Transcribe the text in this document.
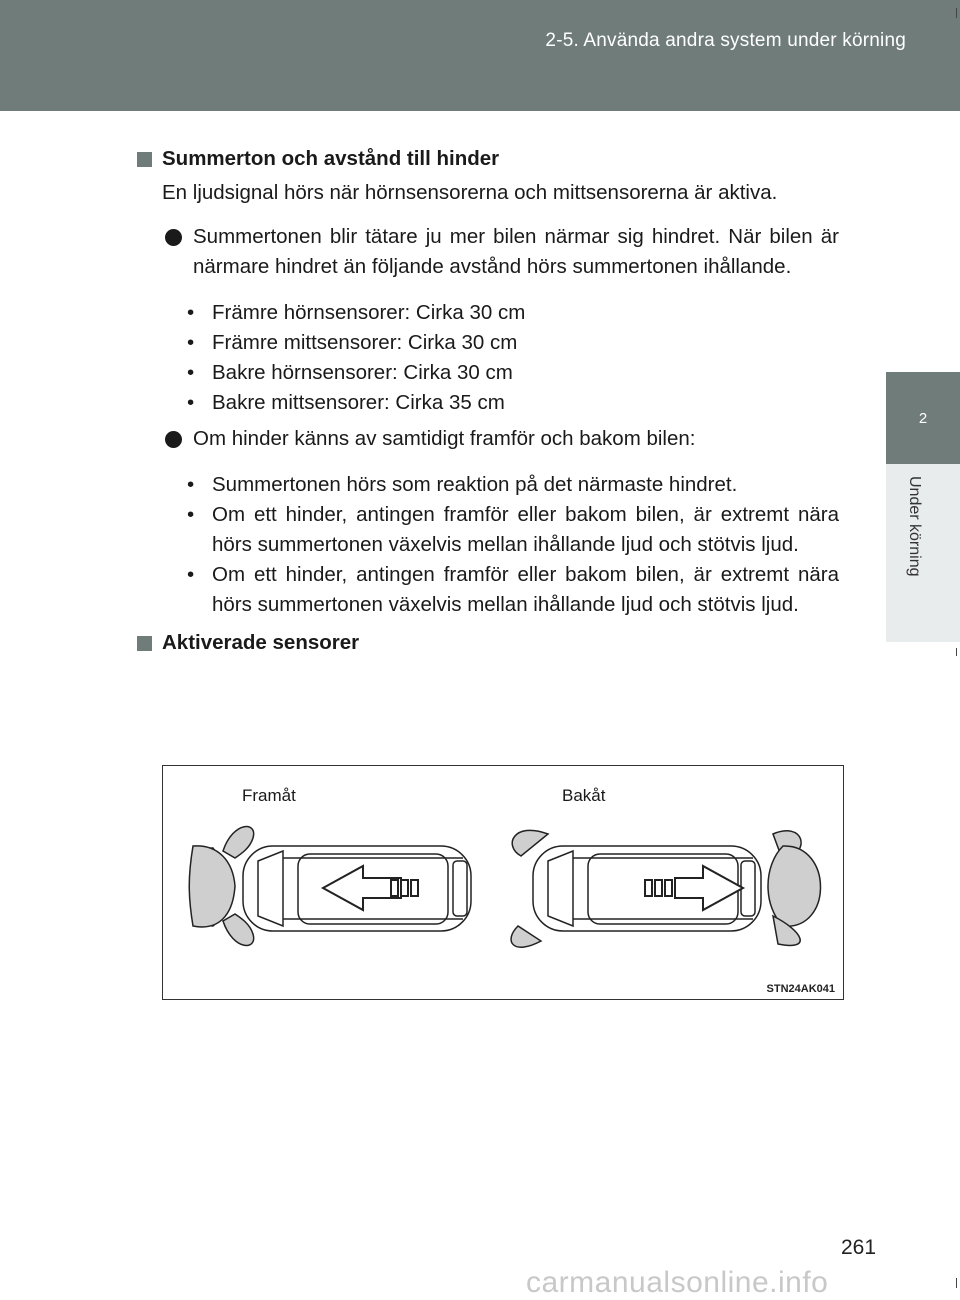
2-5. Använda andra system under körning
2
Under körning
Summerton och avstånd till hinder
En ljudsignal hörs när hörnsensorerna och mittsensorerna är aktiva.
Summertonen blir tätare ju mer bilen närmar sig hindret. När bilen är närmare hindret än följande avstånd hörs summertonen ihållande.
• Främre hörnsensorer: Cirka 30 cm
• Främre mittsensorer: Cirka 30 cm
• Bakre hörnsensorer: Cirka 30 cm
• Bakre mittsensorer: Cirka 35 cm
Om hinder känns av samtidigt framför och bakom bilen:
• Summertonen hörs som reaktion på det närmaste hindret.
• Om ett hinder, antingen framför eller bakom bilen, är extremt nära hörs summertonen växelvis mellan ihållande ljud och stötvis ljud.
• Om ett hinder, antingen framför eller bakom bilen, är extremt nära hörs summertonen växelvis mellan ihållande ljud och stötvis ljud.
Aktiverade sensorer
Framåt	Bakåt
STN24AK041
261
carmanualsonline.info
